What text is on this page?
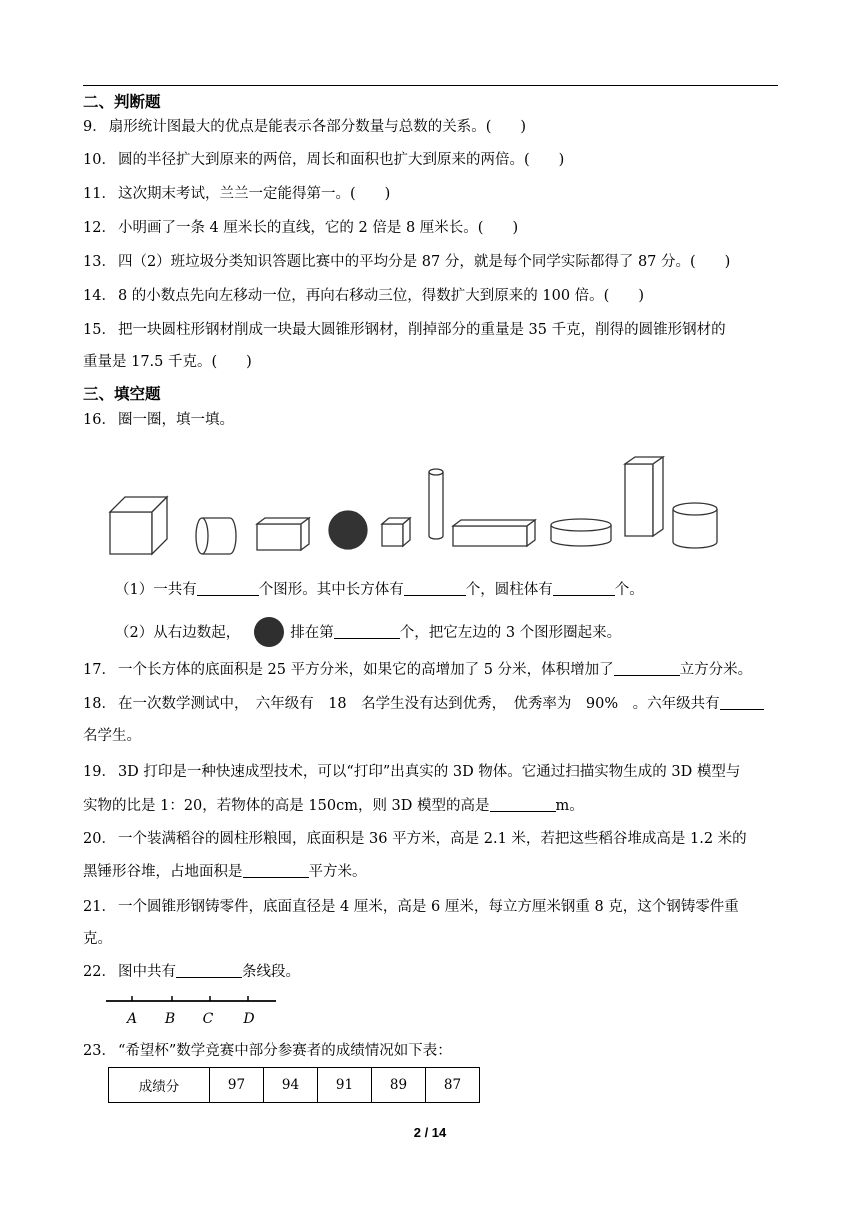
二、判断题
9． 扇形统计图最大的优点是能表示各部分数量与总数的关系。(　　)
10． 圆的半径扩大到原来的两倍，周长和面积也扩大到原来的两倍。(　　)
11． 这次期末考试，兰兰一定能得第一。(　　)
12． 小明画了一条 4 厘米长的直线，它的 2 倍是 8 厘米长。(　　)
13． 四（2）班垃圾分类知识答题比赛中的平均分是 87 分，就是每个同学实际都得了 87 分。(　　)
14． 8 的小数点先向左移动一位，再向右移动三位，得数扩大到原来的 100 倍。(　　)
15． 把一块圆柱形钢材削成一块最大圆锥形钢材，削掉部分的重量是 35 千克，削得的圆锥形钢材的
重量是 17.5 千克。(　　)
三、填空题
16． 圈一圈，填一填。
（1）一共有	个图形。其中长方体有	个，圆柱体有	个。
（2）从右边数起，	排在第	个，把它左边的 3 个图形圈起来。
17． 一个长方体的底面积是 25 平方分米，如果它的高增加了 5 分米，体积增加了	立方分米。
18． 在一次数学测试中，　六年级有　18　名学生没有达到优秀，　优秀率为　90%　。六年级共有
名学生。
19． 3D 打印是一种快速成型技术，可以“打印”出真实的 3D 物体。它通过扫描实物生成的 3D 模型与
实物的比是 1：20，若物体的高是 150cm，则 3D 模型的高是	m。
20． 一个装满稻谷的圆柱形粮囤，底面积是 36 平方米，高是 2.1 米，若把这些稻谷堆成高是 1.2 米的
黑锤形谷堆，占地面积是	平方米。
21． 一个圆锥形钢铸零件，底面直径是 4 厘米，高是 6 厘米，每立方厘米钢重 8 克，这个钢铸零件重
克。
22． 图中共有	条线段。
A B C D
23． “希望杯”数学竞赛中部分参赛者的成绩情况如下表：
成绩分	97	94	91	89	87
2 / 14
